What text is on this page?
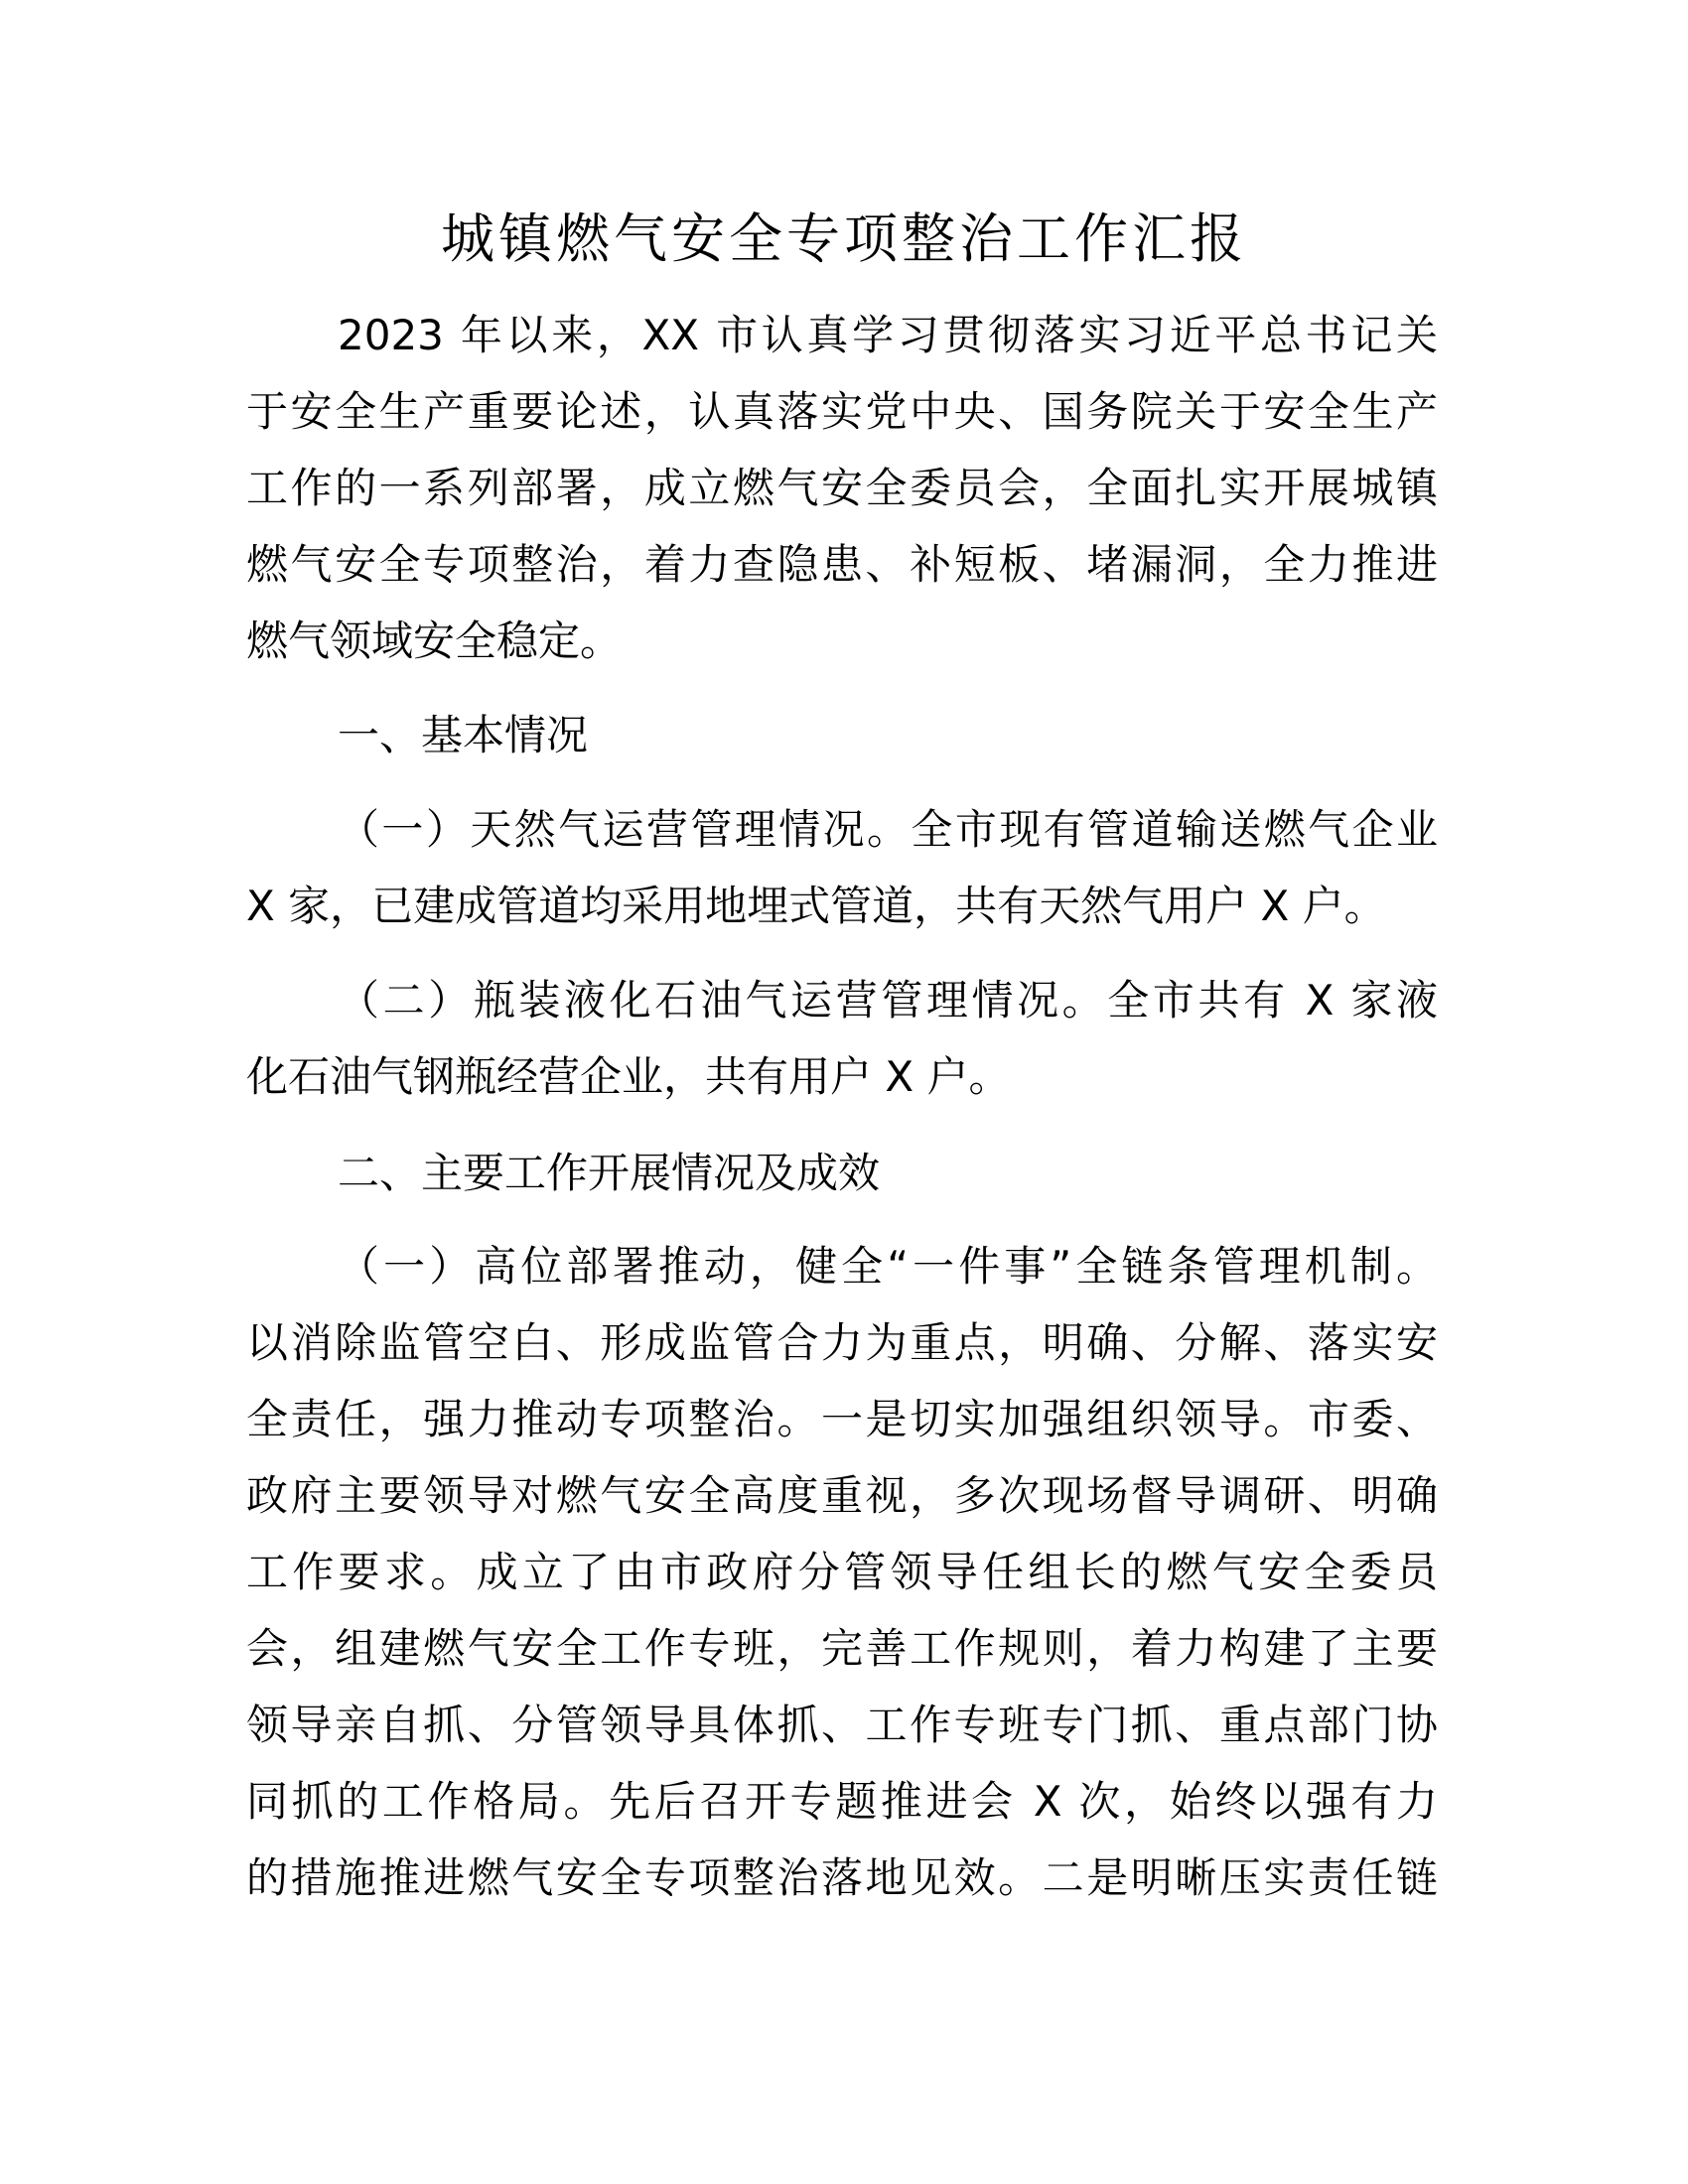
城镇燃气安全专项整治工作汇报
2023 年以来，XX 市认真学习贯彻落实习近平总书记关
于安全生产重要论述，认真落实党中央、国务院关于安全生产
工作的一系列部署，成立燃气安全委员会，全面扎实开展城镇
燃气安全专项整治，着力查隐患、补短板、堵漏洞，全力推进
燃气领域安全稳定。
一、基本情况
（一）天然气运营管理情况。全市现有管道输送燃气企业
X 家，已建成管道均采用地埋式管道，共有天然气用户 X 户。
（二）瓶装液化石油气运营管理情况。全市共有 X 家液
化石油气钢瓶经营企业，共有用户 X 户。
二、主要工作开展情况及成效
（一）高位部署推动，健全“一件事”全链条管理机制。
以消除监管空白、形成监管合力为重点，明确、分解、落实安
全责任，强力推动专项整治。一是切实加强组织领导。市委、
政府主要领导对燃气安全高度重视，多次现场督导调研、明确
工作要求。成立了由市政府分管领导任组长的燃气安全委员
会，组建燃气安全工作专班，完善工作规则，着力构建了主要
领导亲自抓、分管领导具体抓、工作专班专门抓、重点部门协
同抓的工作格局。先后召开专题推进会 X 次，始终以强有力
的措施推进燃气安全专项整治落地见效。二是明晰压实责任链
